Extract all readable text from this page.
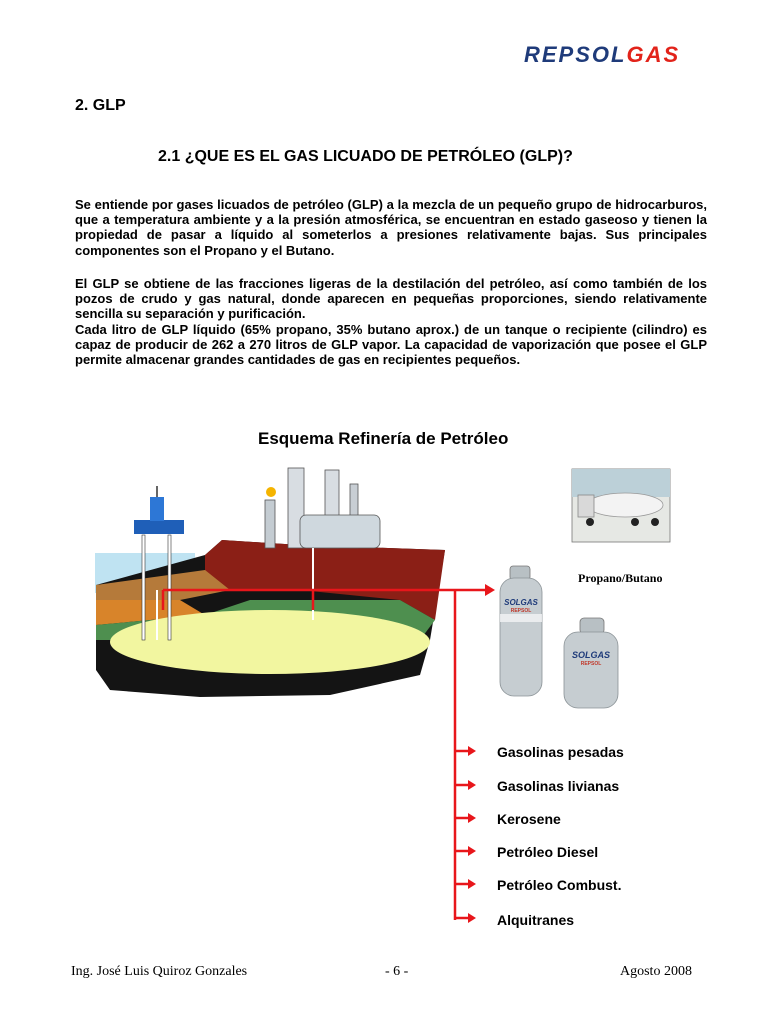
REPSOLGAS
2. GLP
2.1 ¿QUE ES EL GAS LICUADO DE PETRÓLEO (GLP)?

Se entiende por gases licuados de petróleo (GLP) a la mezcla de un pequeño grupo de hidrocarburos, que a temperatura ambiente y a la presión atmosférica, se encuentran en estado gaseoso y tienen la propiedad de pasar a líquido al someterlos a presiones relativamente bajas. Sus principales componentes son el Propano y el Butano.

El GLP se obtiene de las fracciones ligeras de la destilación del petróleo, así como también de los pozos de crudo y gas natural, donde aparecen en pequeñas proporciones, siendo relativamente sencilla su separación y purificación.

Cada litro de GLP líquido (65% propano, 35% butano aprox.) de un tanque o recipiente (cilindro) es capaz de producir de 262 a 270 litros de GLP vapor. La capacidad de vaporización que posee el GLP permite almacenar grandes cantidades de gas en recipientes pequeños.

Esquema Refinería de Petróleo
SOLGAS
REPSOL
SOLGAS
REPSOL
Propano/Butano
Gasolinas pesadas
Gasolinas livianas
Kerosene
Petróleo Diesel
Petróleo Combust.
Alquitranes
Ing. José Luis Quiroz Gonzales	- 6 -	Agosto 2008
